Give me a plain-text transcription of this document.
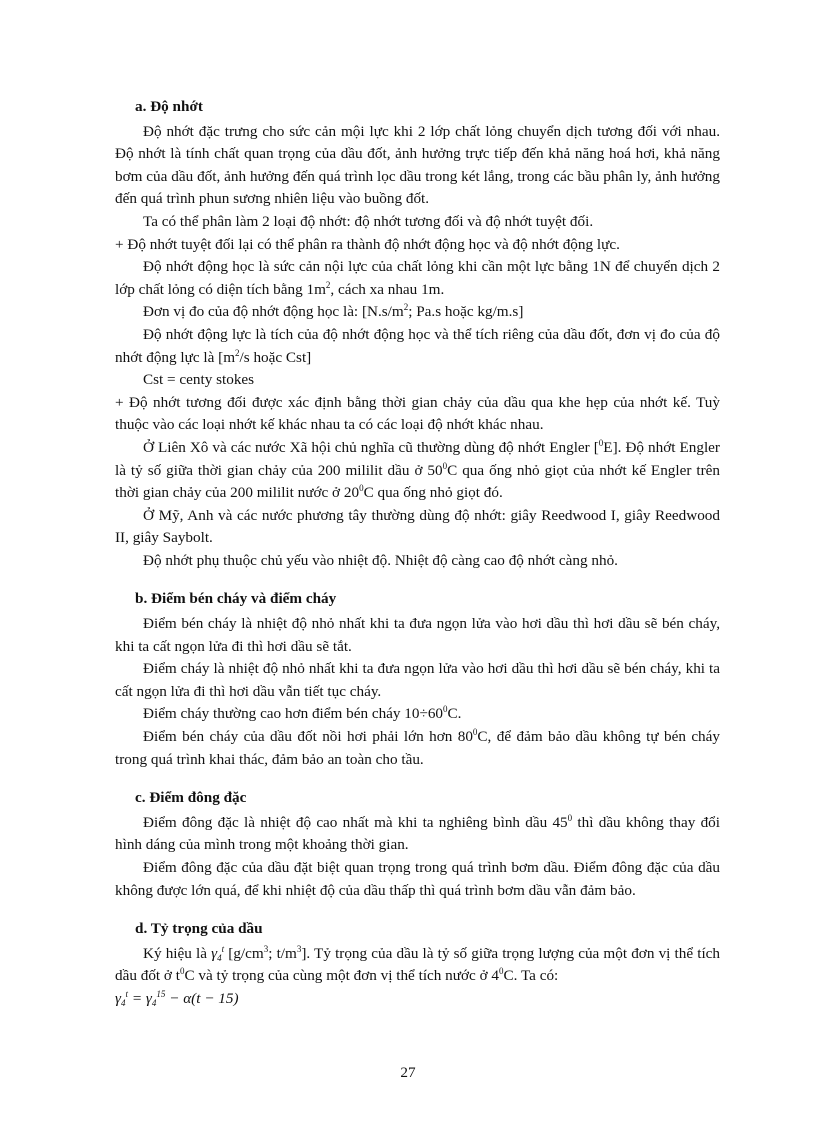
a. Độ nhớt

Độ nhớt đặc trưng cho sức cản mội lực khi 2 lớp chất lỏng chuyển dịch tương đối với nhau. Độ nhớt là tính chất quan trọng của dầu đốt, ảnh hưởng trực tiếp đến khả năng hoá hơi, khả năng bơm của dầu đốt, ảnh hưởng đến quá trình lọc dầu trong két lắng, trong các bầu phân ly, ảnh hưởng đến quá trình phun sương nhiên liệu vào buồng đốt.

Ta có thể phân làm 2 loại độ nhớt: độ nhớt tương đối và độ nhớt tuyệt đối.

+ Độ nhớt tuyệt đối lại có thể phân ra thành độ nhớt động học và độ nhớt động lực.

Độ nhớt động học là sức cản nội lực của chất lỏng khi cần một lực bằng 1N để chuyển dịch 2 lớp chất lỏng có diện tích bằng $1m^2$, cách xa nhau 1m.

Đơn vị đo của độ nhớt động học là: [$N.s/m^2$; Pa.s hoặc kg/m.s]

Độ nhớt động lực là tích của độ nhớt động học và thể tích riêng của dầu đốt, đơn vị đo của độ nhớt động lực là [$m^2/s$ hoặc Cst]

Cst = centy stokes

+ Độ nhớt tương đối được xác định bằng thời gian chảy của dầu qua khe hẹp của nhớt kế. Tuỳ thuộc vào các loại nhớt kế khác nhau ta có các loại độ nhớt khác nhau.

Ở Liên Xô và các nước Xã hội chủ nghĩa cũ thường dùng độ nhớt Engler [$^0$E]. Độ nhớt Engler là tỷ số giữa thời gian chảy của 200 mililit dầu ở $50^0C$ qua ống nhỏ giọt của nhớt kế Engler trên thời gian chảy của 200 mililit nước ở $20^0C$ qua ống nhỏ giọt đó.

Ở Mỹ, Anh và các nước phương tây thường dùng độ nhớt: giây Reedwood I, giây Reedwood II, giây Saybolt.

Độ nhớt phụ thuộc chủ yếu vào nhiệt độ. Nhiệt độ càng cao độ nhớt càng nhỏ.

b. Điểm bén cháy và điểm cháy

Điểm bén cháy là nhiệt độ nhỏ nhất khi ta đưa ngọn lửa vào hơi dầu thì hơi dầu sẽ bén cháy, khi ta cất ngọn lửa đi thì hơi dầu sẽ tắt.

Điểm cháy là nhiệt độ nhỏ nhất khi ta đưa ngọn lửa vào hơi dầu thì hơi dầu sẽ bén cháy, khi ta cất ngọn lửa đi thì hơi dầu vẫn tiết tục cháy.

Điểm cháy thường cao hơn điểm bén cháy $10\div 60^0C$.

Điểm bén cháy của dầu đốt nồi hơi phải lớn hơn $80^0C$, để đảm bảo dầu không tự bén cháy trong quá trình khai thác, đảm bảo an toàn cho tầu.

c. Điểm đông đặc

Điểm đông đặc là nhiệt độ cao nhất mà khi ta nghiêng bình dầu $45^0$ thì dầu không thay đổi hình dáng của mình trong một khoảng thời gian.

Điểm đông đặc của dầu đặt biệt quan trọng trong quá trình bơm dầu. Điểm đông đặc của dầu không được lớn quá, để khi nhiệt độ của dầu thấp thì quá trình bơm dầu vẫn đảm bảo.

d. Tỷ trọng của dầu

Ký hiệu là $\gamma_4^t$ [$g/cm^3$; $t/m^3$]. Tỷ trọng của dầu là tỷ số giữa trọng lượng của một đơn vị thể tích dầu đốt ở $t^0C$ và tỷ trọng của cùng một đơn vị thể tích nước ở $4^0C$. Ta có:

$\gamma_4^t = \gamma_4^{15} - \alpha(t - 15)$

27
